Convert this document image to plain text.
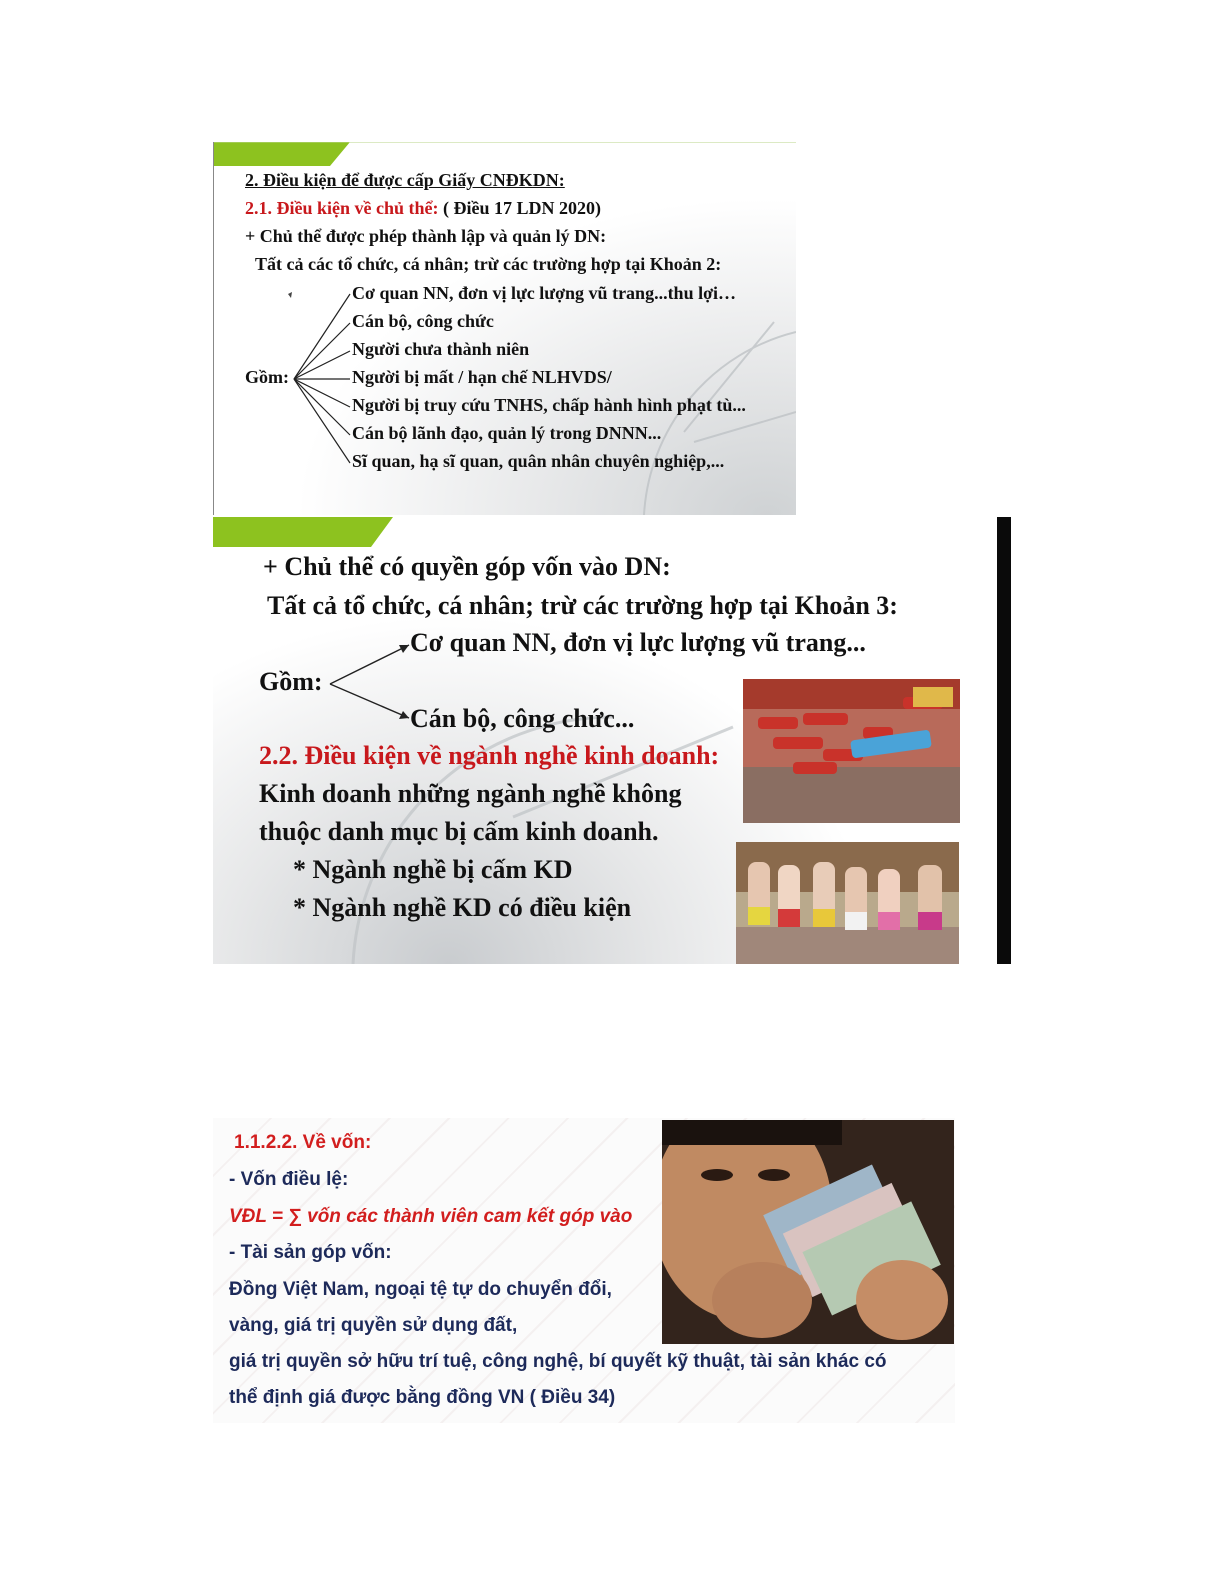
2. Điều kiện để được cấp Giấy CNĐKDN:
2.1. Điều kiện về chủ thể: ( Điều 17 LDN 2020)
+ Chủ thể được phép thành lập và quản lý DN:
Tất cả các tổ chức, cá nhân; trừ các trường hợp tại Khoản 2:
Gồm:
Cơ quan NN, đơn vị lực lượng vũ trang...thu lợi…
Cán bộ, công chức
Người chưa thành niên
Người bị mất / hạn chế NLHVDS/
Người bị truy cứu TNHS, chấp hành hình phạt tù...
Cán bộ lãnh đạo, quản lý trong DNNN...
Sĩ quan, hạ sĩ quan, quân nhân chuyên nghiệp,...
+ Chủ thể có quyền góp vốn vào DN:
Tất cả tổ chức, cá nhân; trừ các trường hợp tại Khoản 3:
Gồm:
Cơ quan NN, đơn vị lực lượng vũ trang...
Cán bộ, công chức...
2.2. Điều kiện về ngành nghề kinh doanh:
Kinh doanh những ngành nghề không
thuộc danh mục bị cấm kinh doanh.
* Ngành nghề bị cấm KD
* Ngành nghề KD có điều kiện
1.1.2.2. Về vốn:
- Vốn điều lệ:
VĐL = ∑ vốn các thành viên cam kết góp vào
- Tài sản góp vốn:
Đồng Việt Nam, ngoại tệ tự do chuyển đổi,
vàng, giá trị quyền sử dụng đất,
giá trị quyền sở hữu trí tuệ, công nghệ, bí quyết kỹ thuật, tài sản khác có
thể định giá được bằng đồng VN ( Điều 34)
